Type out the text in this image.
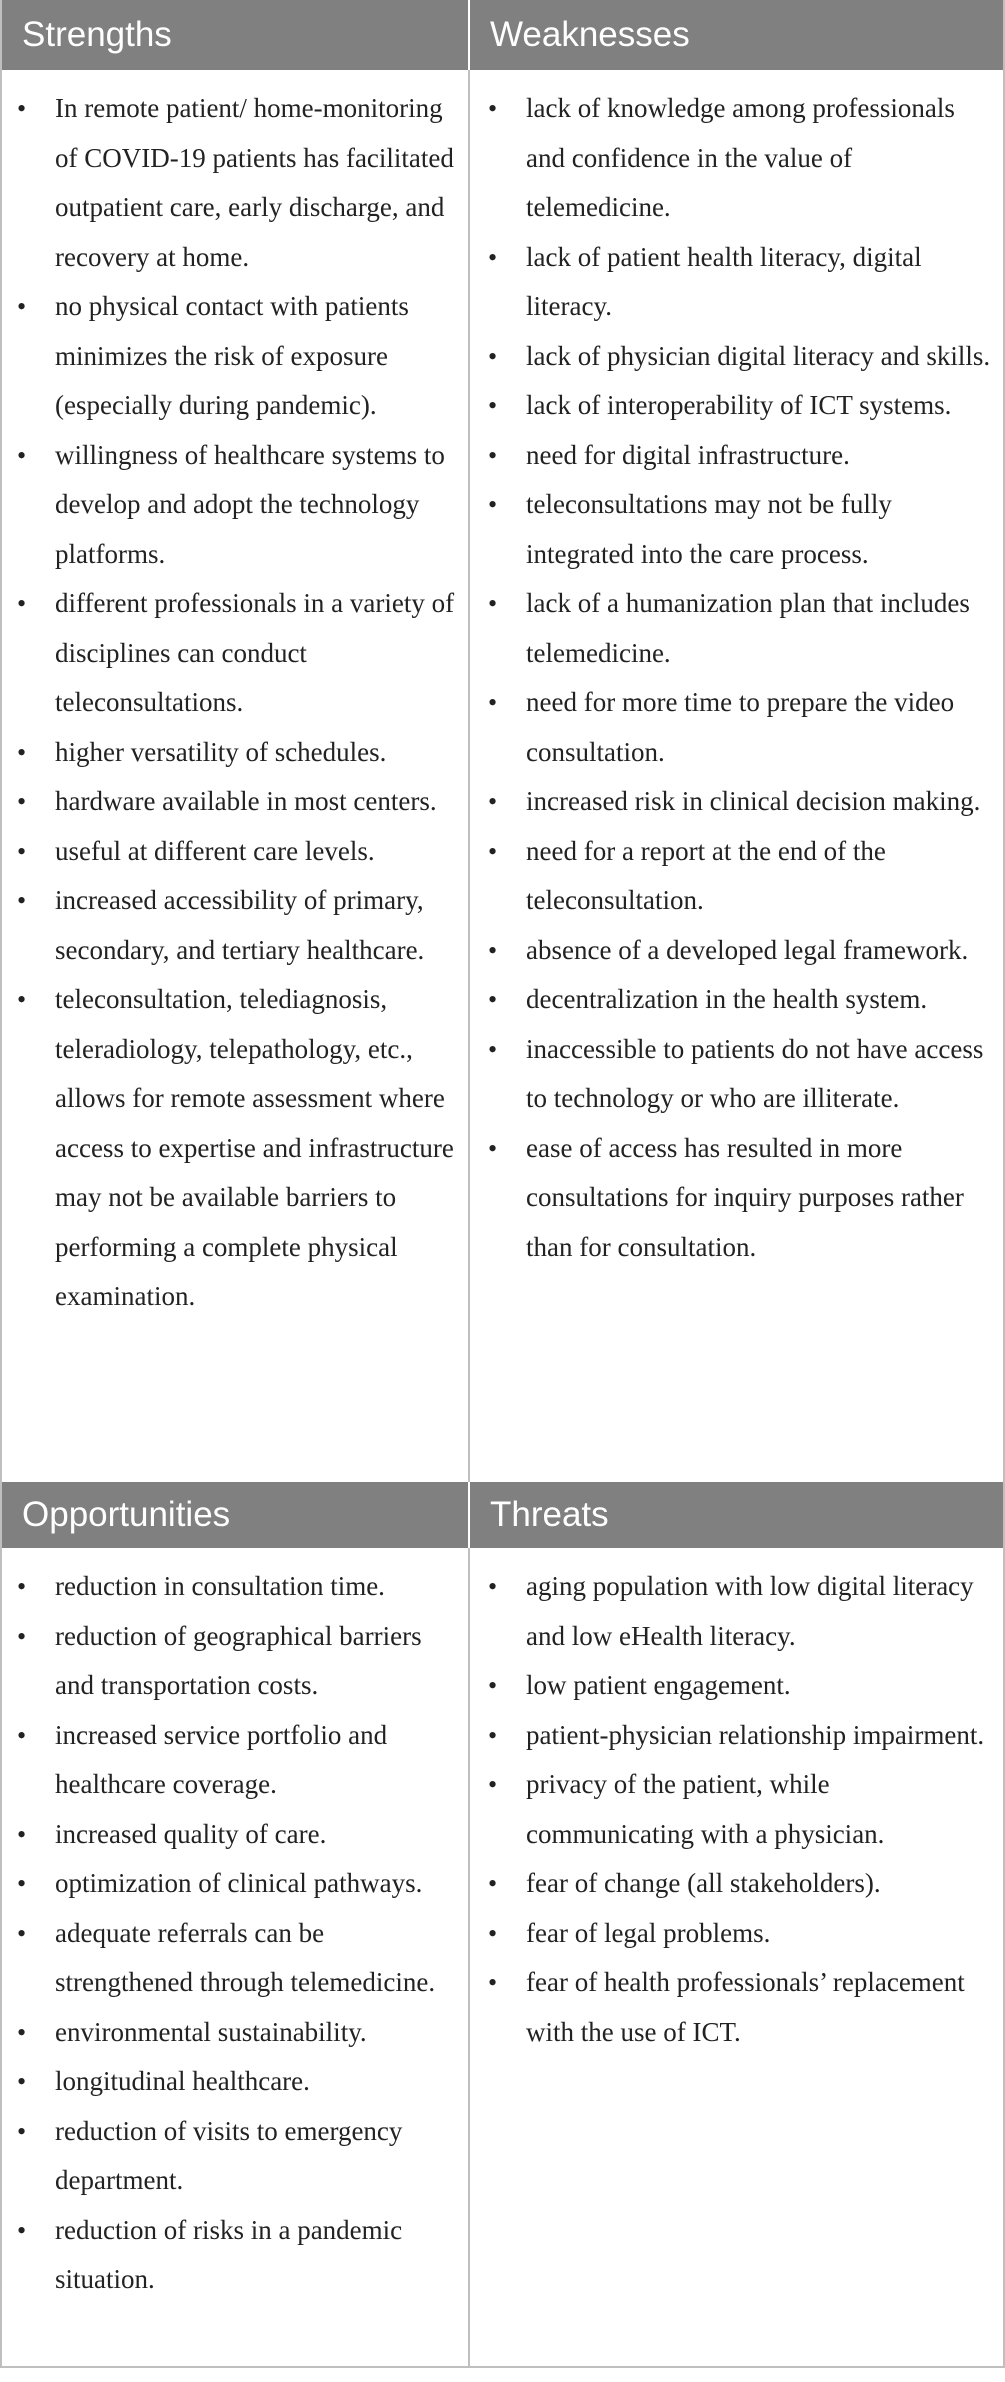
Strengths	Weaknesses
• In remote patient/ home-monitoring of COVID-19 patients has facilitated outpatient care, early discharge, and recovery at home.
• no physical contact with patients minimizes the risk of exposure (especially during pandemic).
• willingness of healthcare systems to develop and adopt the technology platforms.
• different professionals in a variety of disciplines can conduct teleconsultations.
• higher versatility of schedules.
• hardware available in most centers.
• useful at different care levels.
• increased accessibility of primary, secondary, and tertiary healthcare.
• teleconsultation, telediagnosis, teleradiology, telepathology, etc., allows for remote assessment where access to expertise and infrastructure may not be available barriers to performing a complete physical examination.
• lack of knowledge among professionals and confidence in the value of telemedicine.
• lack of patient health literacy, digital literacy.
• lack of physician digital literacy and skills.
• lack of interoperability of ICT systems.
• need for digital infrastructure.
• teleconsultations may not be fully integrated into the care process.
• lack of a humanization plan that includes telemedicine.
• need for more time to prepare the video consultation.
• increased risk in clinical decision making.
• need for a report at the end of the teleconsultation.
• absence of a developed legal framework.
• decentralization in the health system.
• inaccessible to patients do not have access to technology or who are illiterate.
• ease of access has resulted in more consultations for inquiry purposes rather than for consultation.
Opportunities	Threats
• reduction in consultation time.
• reduction of geographical barriers and transportation costs.
• increased service portfolio and healthcare coverage.
• increased quality of care.
• optimization of clinical pathways.
• adequate referrals can be strengthened through telemedicine.
• environmental sustainability.
• longitudinal healthcare.
• reduction of visits to emergency department.
• reduction of risks in a pandemic situation.
• aging population with low digital literacy and low eHealth literacy.
• low patient engagement.
• patient-physician relationship impairment.
• privacy of the patient, while communicating with a physician.
• fear of change (all stakeholders).
• fear of legal problems.
• fear of health professionals’ replacement with the use of ICT.
